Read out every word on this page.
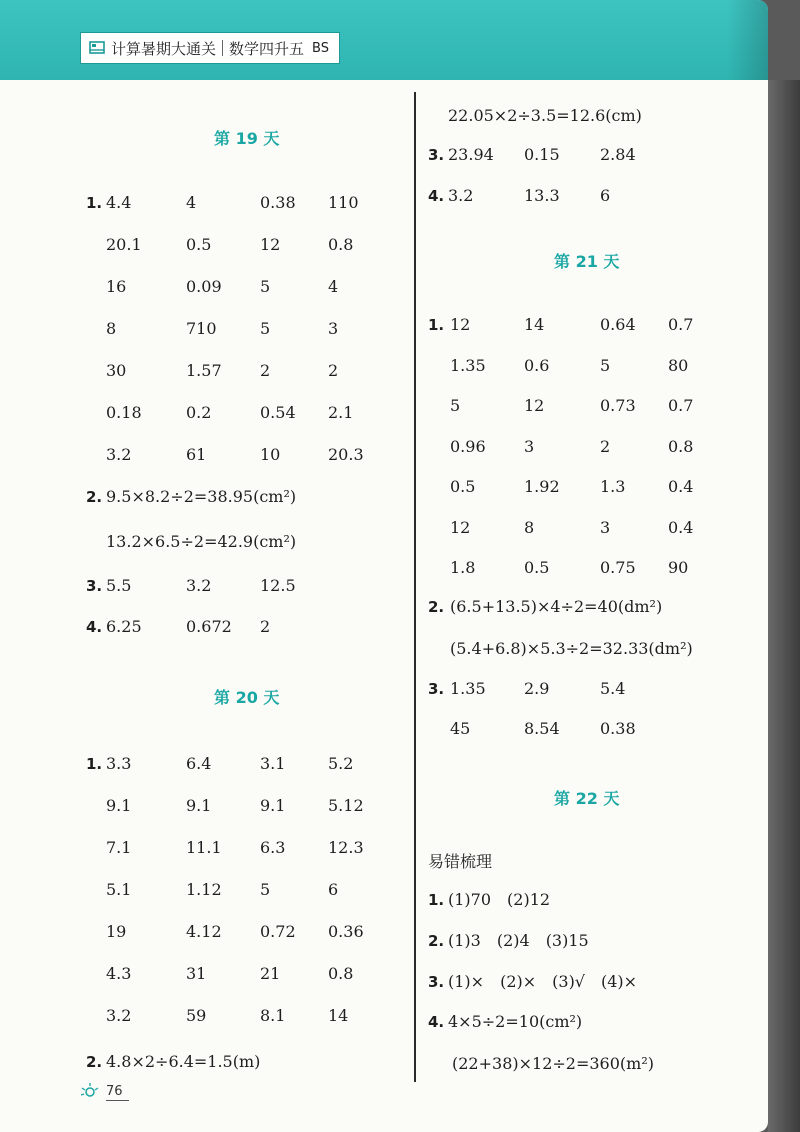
计算暑期大通关 数学四升五 BS
第 19 天
1. 4.4	4	0.38 110
20.1	0.5	12	0.8
16	0.09 5	4
8	710	5	3
30	1.57 2	2
0.18	0.2	0.54 2.1
3.2	61	10	20.3
2. 9.5×8.2÷2=38.95(cm²)
13.2×6.5÷2=42.9(cm²)
3. 5.5	3.2	12.5
4. 6.25	0.672 2
第 20 天
1. 3.3	6.4	3.1	5.2
9.1	9.1	9.1	5.12
7.1	11.1 6.3	12.3
5.1	1.12 5	6
19	4.12 0.72 0.36
4.3	31	21	0.8
3.2	59	8.1	14
2. 4.8×2÷6.4=1.5(m)
22.05×2÷3.5=12.6(cm)
3. 23.94 0.15	2.84
4. 3.2	13.3	6
第 21 天
1. 12	14	0.64 0.7
1.35 0.6	5	80
5	12	0.73 0.7
0.96 3	2	0.8
0.5	1.92	1.3	0.4
12	8	3	0.4
1.8	0.5	0.75 90
2. (6.5+13.5)×4÷2=40(dm²)
(5.4+6.8)×5.3÷2=32.33(dm²)
3. 1.35 2.9	5.4
45	8.54	0.38
第 22 天
易错梳理
1. (1)70　(2)12
2. (1)3　(2)4　(3)15
3. (1)×　(2)×　(3)√　(4)×
4. 4×5÷2=10(cm²)
(22+38)×12÷2=360(m²)
76
